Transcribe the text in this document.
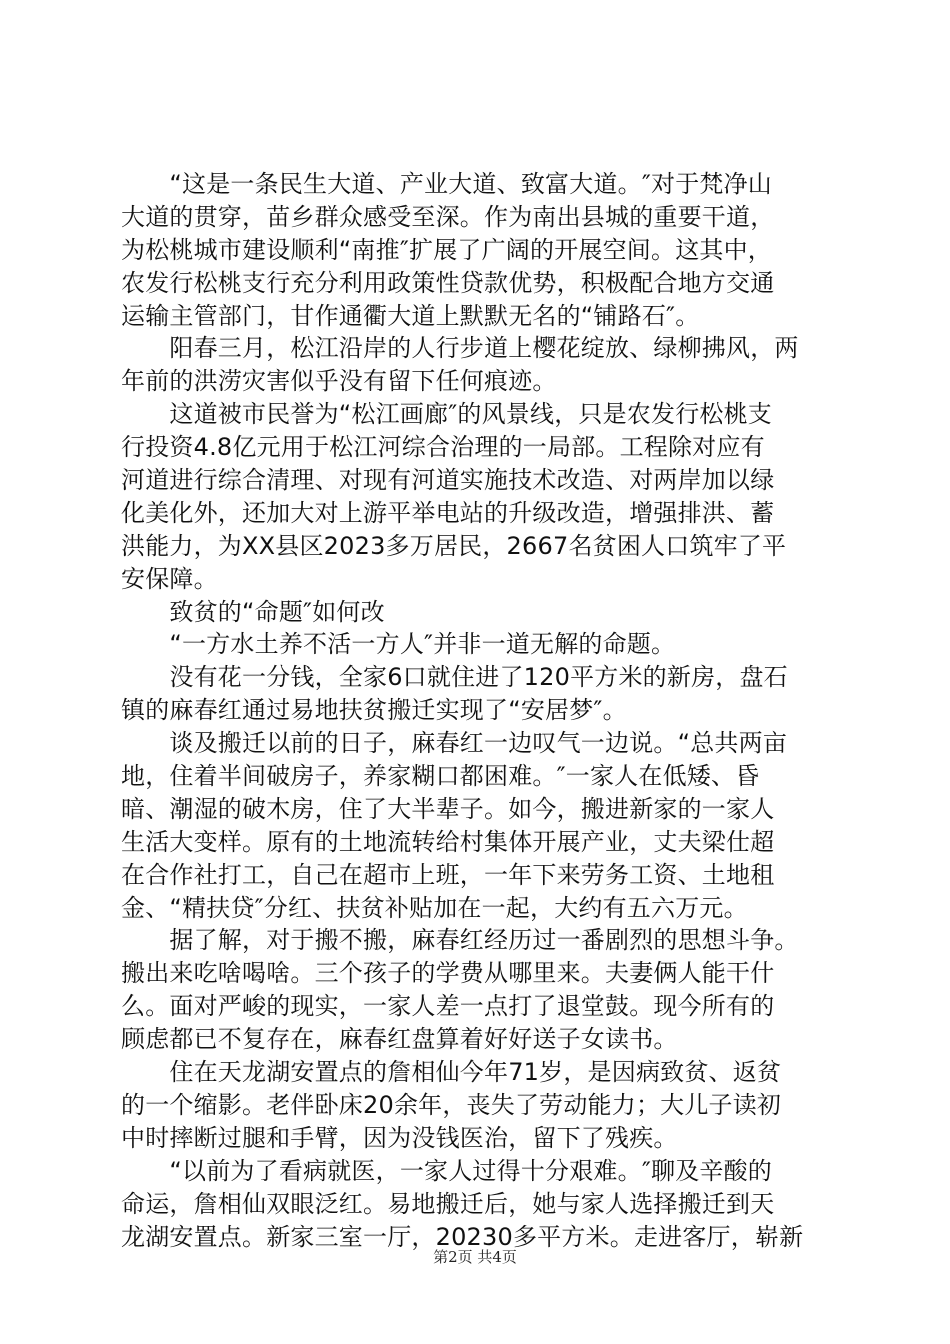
　　“这是一条民生大道、产业大道、致富大道。″对于梵净山
大道的贯穿，苗乡群众感受至深。作为南出县城的重要干道，
为松桃城市建设顺利“南推″扩展了广阔的开展空间。这其中，
农发行松桃支行充分利用政策性贷款优势，积极配合地方交通
运输主管部门，甘作通衢大道上默默无名的“铺路石″。
　　阳春三月，松江沿岸的人行步道上樱花绽放、绿柳拂风，两
年前的洪涝灾害似乎没有留下任何痕迹。
　　这道被市民誉为“松江画廊″的风景线，只是农发行松桃支
行投资4.8亿元用于松江河综合治理的一局部。工程除对应有
河道进行综合清理、对现有河道实施技术改造、对两岸加以绿
化美化外，还加大对上游平举电站的升级改造，增强排洪、蓄
洪能力，为XX县区2023多万居民，2667名贫困人口筑牢了平
安保障。
　　致贫的“命题″如何改
　　“一方水土养不活一方人″并非一道无解的命题。
　　没有花一分钱，全家6口就住进了120平方米的新房，盘石
镇的麻春红通过易地扶贫搬迁实现了“安居梦″。
　　谈及搬迁以前的日子，麻春红一边叹气一边说。“总共两亩
地，住着半间破房子，养家糊口都困难。″一家人在低矮、昏
暗、潮湿的破木房，住了大半辈子。如今，搬进新家的一家人
生活大变样。原有的土地流转给村集体开展产业，丈夫梁仕超
在合作社打工，自己在超市上班，一年下来劳务工资、土地租
金、“精扶贷″分红、扶贫补贴加在一起，大约有五六万元。
　　据了解，对于搬不搬，麻春红经历过一番剧烈的思想斗争。
搬出来吃啥喝啥。三个孩子的学费从哪里来。夫妻俩人能干什
么。面对严峻的现实，一家人差一点打了退堂鼓。现今所有的
顾虑都已不复存在，麻春红盘算着好好送子女读书。
　　住在天龙湖安置点的詹相仙今年71岁，是因病致贫、返贫
的一个缩影。老伴卧床20余年，丧失了劳动能力；大儿子读初
中时摔断过腿和手臂，因为没钱医治，留下了残疾。
　　“以前为了看病就医，一家人过得十分艰难。″聊及辛酸的
命运，詹相仙双眼泛红。易地搬迁后，她与家人选择搬迁到天
龙湖安置点。新家三室一厅，20230多平方米。走进客厅，崭新
第2页 共4页
